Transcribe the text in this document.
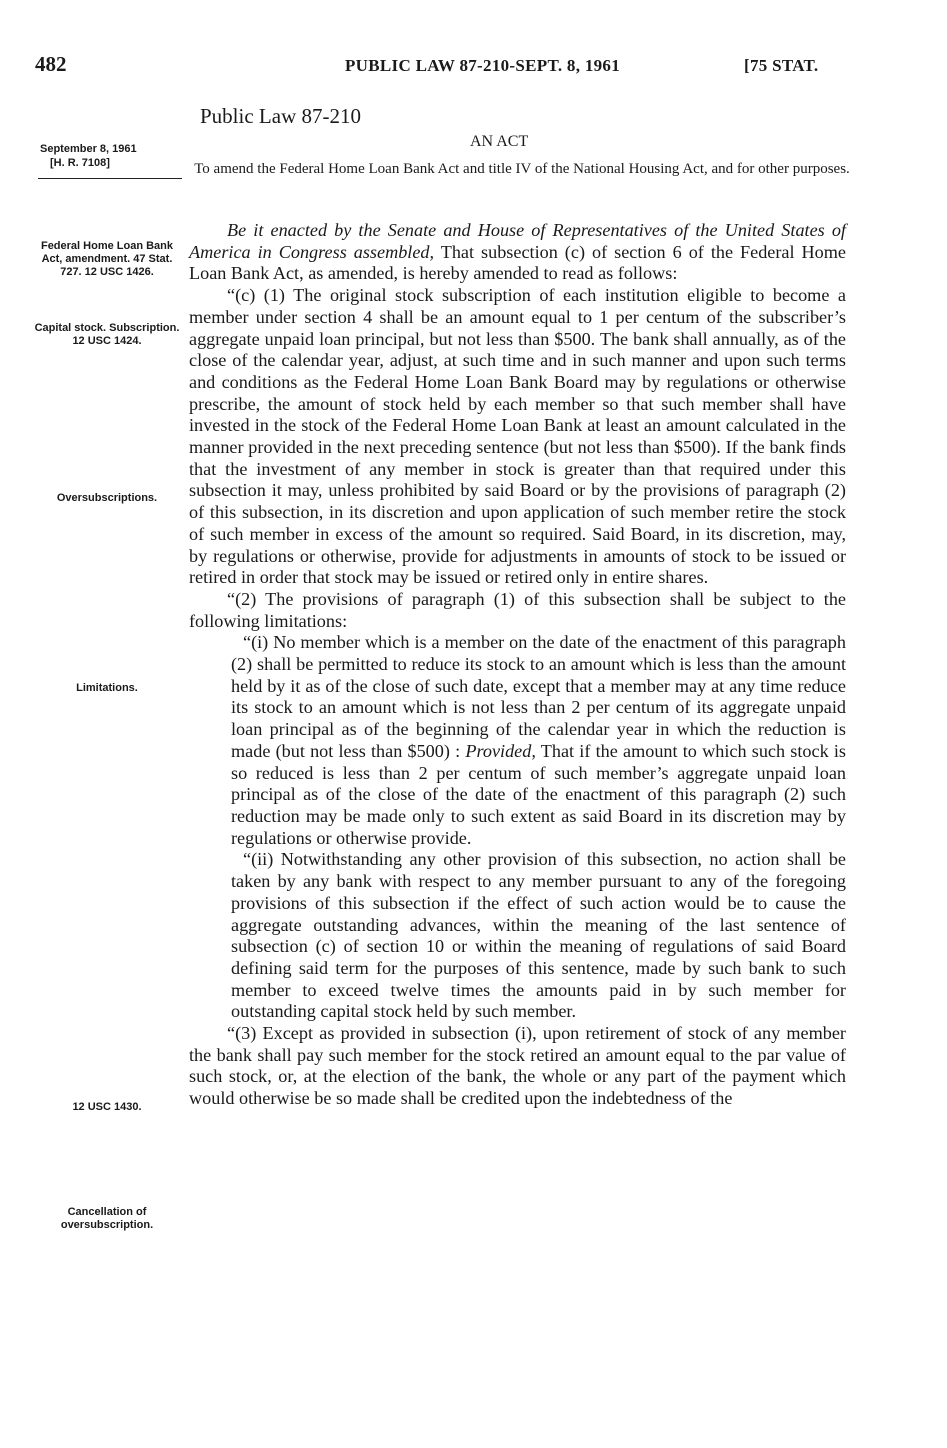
482	PUBLIC LAW 87-210-SEPT. 8, 1961	[75 STAT.
Public Law 87-210
AN ACT
September 8, 1961
[H. R. 7108]	To amend the Federal Home Loan Bank Act and title IV of the National Housing Act, and for other purposes.
Federal Home Loan Bank Act, amendment. 47 Stat. 727. 12 USC 1426.
Capital stock. Subscription. 12 USC 1424.
Oversubscriptions.
Limitations.
12 USC 1430.
Cancellation of oversubscription.

Be it enacted by the Senate and House of Representatives of the United States of America in Congress assembled, That subsection (c) of section 6 of the Federal Home Loan Bank Act, as amended, is hereby amended to read as follows:

“(c) (1) The original stock subscription of each institution eligible to become a member under section 4 shall be an amount equal to 1 per centum of the subscriber’s aggregate unpaid loan principal, but not less than $500. The bank shall annually, as of the close of the calendar year, adjust, at such time and in such manner and upon such terms and conditions as the Federal Home Loan Bank Board may by regulations or otherwise prescribe, the amount of stock held by each member so that such member shall have invested in the stock of the Federal Home Loan Bank at least an amount calculated in the manner provided in the next preceding sentence (but not less than $500). If the bank finds that the investment of any member in stock is greater than that required under this subsection it may, unless prohibited by said Board or by the provisions of paragraph (2) of this subsection, in its discretion and upon application of such member retire the stock of such member in excess of the amount so required. Said Board, in its discretion, may, by regulations or otherwise, provide for adjustments in amounts of stock to be issued or retired in order that stock may be issued or retired only in entire shares.

“(2) The provisions of paragraph (1) of this subsection shall be subject to the following limitations:

“(i) No member which is a member on the date of the enactment of this paragraph (2) shall be permitted to reduce its stock to an amount which is less than the amount held by it as of the close of such date, except that a member may at any time reduce its stock to an amount which is not less than 2 per centum of its aggregate unpaid loan principal as of the beginning of the calendar year in which the reduction is made (but not less than $500) : Provided, That if the amount to which such stock is so reduced is less than 2 per centum of such member’s aggregate unpaid loan principal as of the close of the date of the enactment of this paragraph (2) such reduction may be made only to such extent as said Board in its discretion may by regulations or otherwise provide.

“(ii) Notwithstanding any other provision of this subsection, no action shall be taken by any bank with respect to any member pursuant to any of the foregoing provisions of this subsection if the effect of such action would be to cause the aggregate outstanding advances, within the meaning of the last sentence of subsection (c) of section 10 or within the meaning of regulations of said Board defining said term for the purposes of this sentence, made by such bank to such member to exceed twelve times the amounts paid in by such member for outstanding capital stock held by such member.

“(3) Except as provided in subsection (i), upon retirement of stock of any member the bank shall pay such member for the stock retired an amount equal to the par value of such stock, or, at the election of the bank, the whole or any part of the payment which would otherwise be so made shall be credited upon the indebtedness of the
